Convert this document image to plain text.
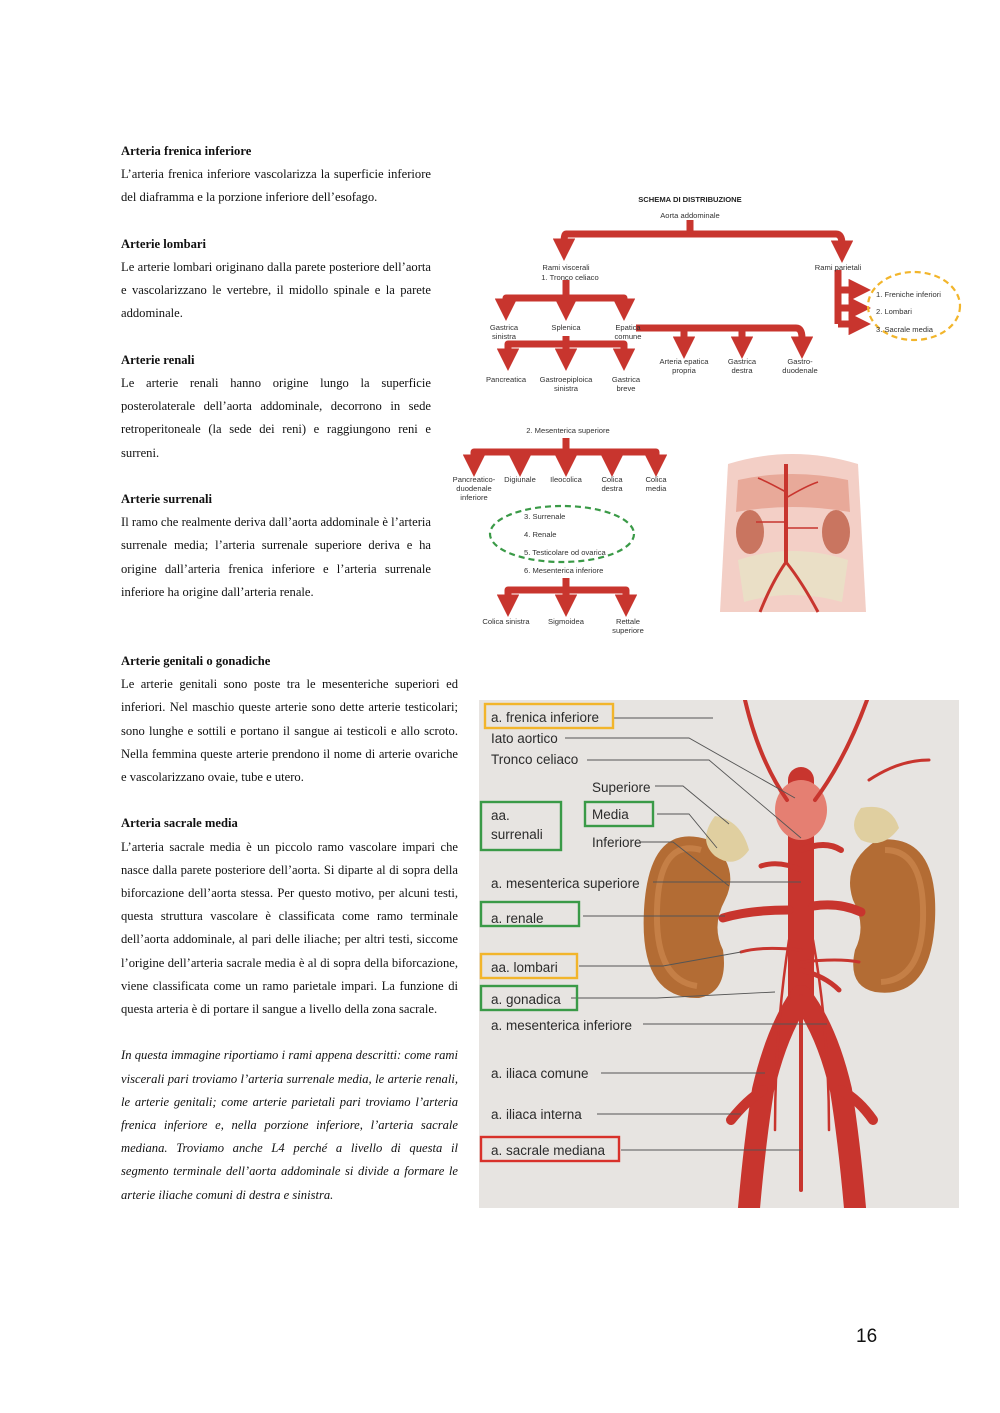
Arteria frenica inferiore

L’arteria frenica inferiore vascolarizza la superficie inferiore del diaframma e la porzione inferiore dell’esofago.

Arterie lombari

Le arterie lombari originano dalla parete posteriore dell’aorta e vascolarizzano le vertebre, il midollo spinale e la parete addominale.

Arterie renali

Le arterie renali hanno origine lungo la superficie posterolaterale dell’aorta addominale, decorrono in sede retroperitoneale (la sede dei reni) e raggiungono reni e surreni.

Arterie surrenali

Il ramo che realmente deriva dall’aorta addominale è l’arteria surrenale media; l’arteria surrenale superiore deriva e ha origine dall’arteria frenica inferiore e l’arteria surrenale inferiore ha origine dall’arteria renale.

Arterie genitali o gonadiche

Le arterie genitali sono poste tra le mesenteriche superiori ed inferiori. Nel maschio queste arterie sono dette arterie testicolari; sono lunghe e sottili e portano il sangue ai testicoli e allo scroto. Nella femmina queste arterie prendono il nome di arterie ovariche e vascolarizzano ovaie, tube e utero.

Arteria sacrale media

L’arteria sacrale media è un piccolo ramo vascolare impari che nasce dalla parete posteriore dell’aorta. Si diparte al di sopra della biforcazione dell’aorta stessa. Per questo motivo, per alcuni testi, questa struttura vascolare è classificata come ramo terminale dell’aorta addominale, al pari delle iliache; per altri testi, siccome l’origine dell’arteria sacrale media è al di sopra della biforcazione, viene classificata come un ramo parietale impari. La funzione di questa arteria è di portare il sangue a livello della zona sacrale.

In questa immagine riportiamo i rami appena descritti: come rami viscerali pari troviamo l’arteria surrenale media, le arterie renali, le arterie genitali; come arterie parietali pari troviamo l’arteria frenica inferiore e, nella porzione inferiore, l’arteria sacrale mediana. Troviamo anche L4 perché a livello di questa il segmento terminale dell’aorta addominale si divide a formare le arterie iliache comuni di destra e sinistra.

SCHEMA DI DISTRIBUZIONE
Aorta addominale
Rami viscerali
1. Tronco celiaco
Rami parietali
1. Freniche inferiori
2. Lombari
3. Sacrale media
Gastrica sinistra
Splenica	Epatica comune
Arteria epatica propria
Gastrica destra
Gastro-duodenale
Pancreatica Gastroepiploica sinistra
Gastrica breve
2. Mesenterica superiore
Pancreatico-duodenale inferiore
Digiunale Ileocolica	Colica destra
Colica media
3. Surrenale
4. Renale
5. Testicolare od ovarica
6. Mesenterica inferiore
Colica sinistra Sigmoidea	Rettale superiore
a. frenica inferiore
Iato aortico
Tronco celiaco
Superiore
aa.
surrenali
Media
Inferiore
a. mesenterica superiore
a. renale
aa. lombari
a. gonadica
a. mesenterica inferiore
a. iliaca comune
a. iliaca interna
a. sacrale mediana
16
